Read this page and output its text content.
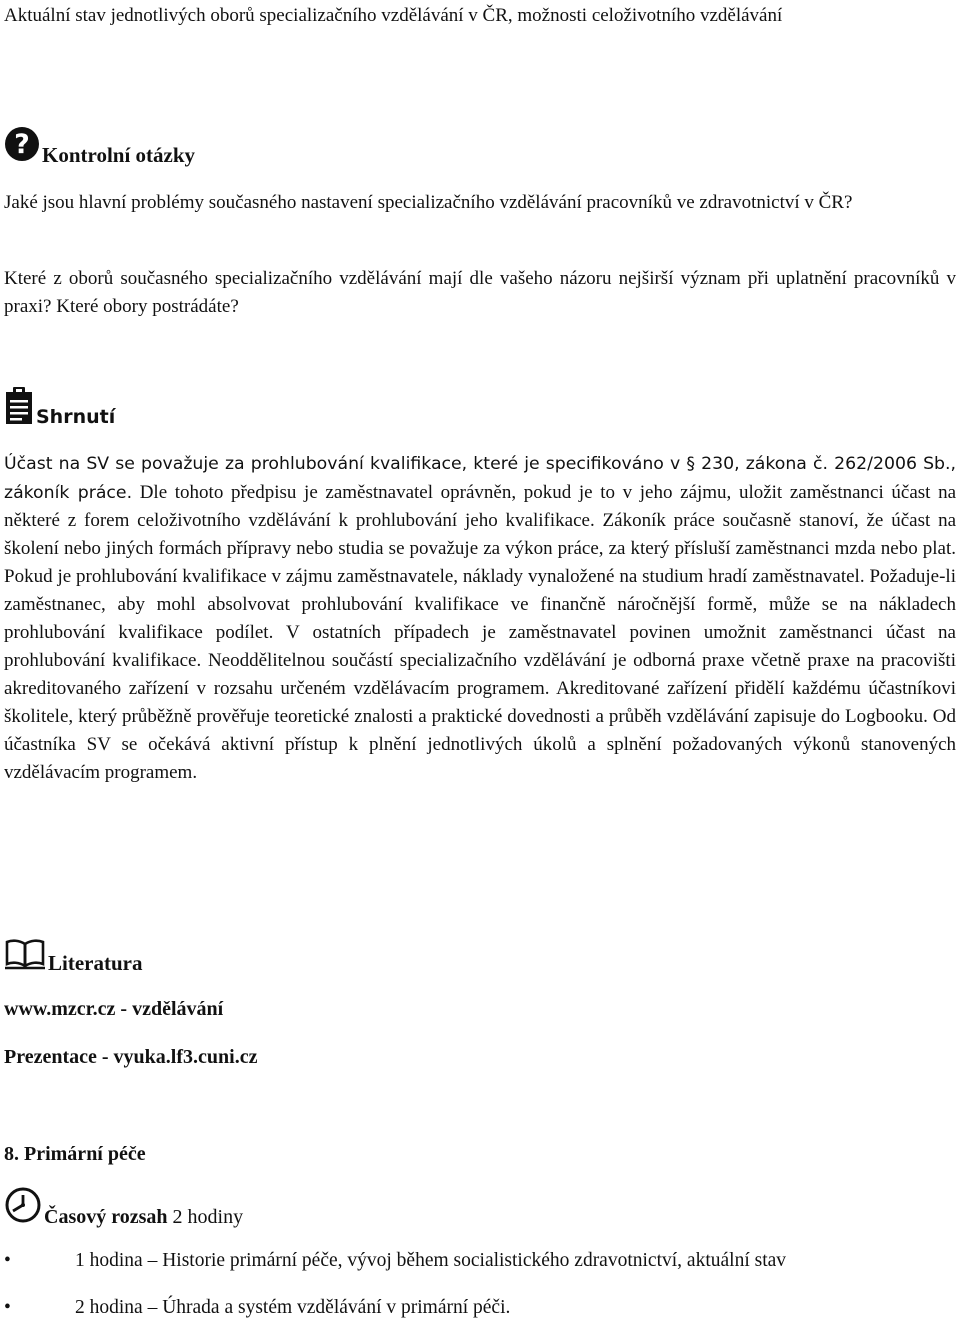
Aktuální stav jednotlivých oborů specializačního vzdělávání v ČR, možnosti celoživotního vzdělávání

? Kontrolní otázky

Jaké jsou hlavní problémy současného nastavení specializačního vzdělávání pracovníků ve zdravotnictví v ČR?

Které z oborů současného specializačního vzdělávání mají dle vašeho názoru nejširší význam při uplatnění pracovníků v praxi? Které obory postrádáte?

Shrnutí

Účast na SV se považuje za prohlubování kvalifikace, které je specifikováno v § 230, zákona č. 262/2006 Sb., zákoník práce. Dle tohoto předpisu je zaměstnavatel oprávněn, pokud je to v jeho zájmu, uložit zaměstnanci účast na některé z forem celoživotního vzdělávání k prohlubování jeho kvalifikace. Zákoník práce současně stanoví, že účast na školení nebo jiných formách přípravy nebo studia se považuje za výkon práce, za který přísluší zaměstnanci mzda nebo plat. Pokud je prohlubování kvalifikace v zájmu zaměstnavatele, náklady vynaložené na studium hradí zaměstnavatel. Požaduje-li zaměstnanec, aby mohl absolvovat prohlubování kvalifikace ve finančně náročnější formě, může se na nákladech prohlubování kvalifikace podílet. V ostatních případech je zaměstnavatel povinen umožnit zaměstnanci účast na prohlubování kvalifikace. Neoddělitelnou součástí specializačního vzdělávání je odborná praxe včetně praxe na pracovišti akreditovaného zařízení v rozsahu určeném vzdělávacím programem. Akreditované zařízení přidělí každému účastníkovi školitele, který průběžně prověřuje teoretické znalosti a praktické dovednosti a průběh vzdělávání zapisuje do Logbooku. Od účastníka SV se očekává aktivní přístup k plnění jednotlivých úkolů a splnění požadovaných výkonů stanovených vzdělávacím programem.

Literatura
www.mzcr.cz - vzdělávání
Prezentace - vyuka.lf3.cuni.cz
8. Primární péče
Časový rozsah 2 hodiny
•	1 hodina – Historie primární péče, vývoj během socialistického zdravotnictví, aktuální stav
•	2 hodina – Úhrada a systém vzdělávání v primární péči.
